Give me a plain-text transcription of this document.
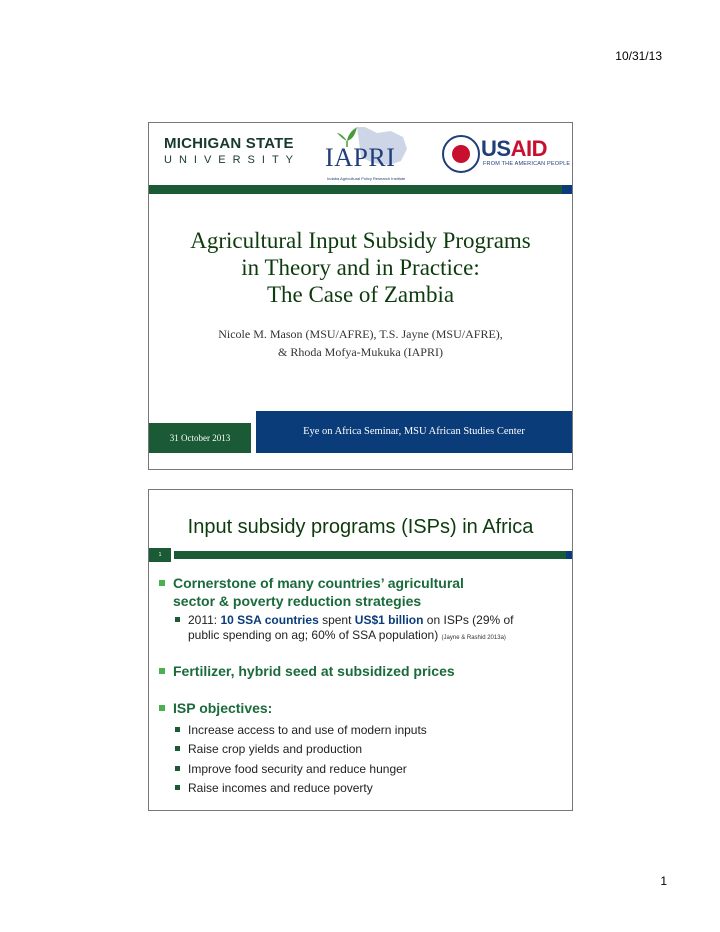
10/31/13
MICHIGAN STATE
UNIVERSITY IAPRI
Indaba Agricultural Policy Research Institute
USAID
FROM THE AMERICAN PEOPLE
Agricultural Input Subsidy Programs
in Theory and in Practice:
The Case of Zambia
Nicole M. Mason (MSU/AFRE), T.S. Jayne (MSU/AFRE),
& Rhoda Mofya-Mukuka (IAPRI)
31 October 2013
Eye on Africa Seminar, MSU African Studies Center
Input subsidy programs (ISPs) in Africa
1
Cornerstone of many countries’ agricultural
sector & poverty reduction strategies
2011: 10 SSA countries spent US$1 billion on ISPs (29% of
public spending on ag; 60% of SSA population) (Jayne & Rashid 2013a)
Fertilizer, hybrid seed at subsidized prices
ISP objectives:
Increase access to and use of modern inputs
Raise crop yields and production
Improve food security and reduce hunger
Raise incomes and reduce poverty
1
